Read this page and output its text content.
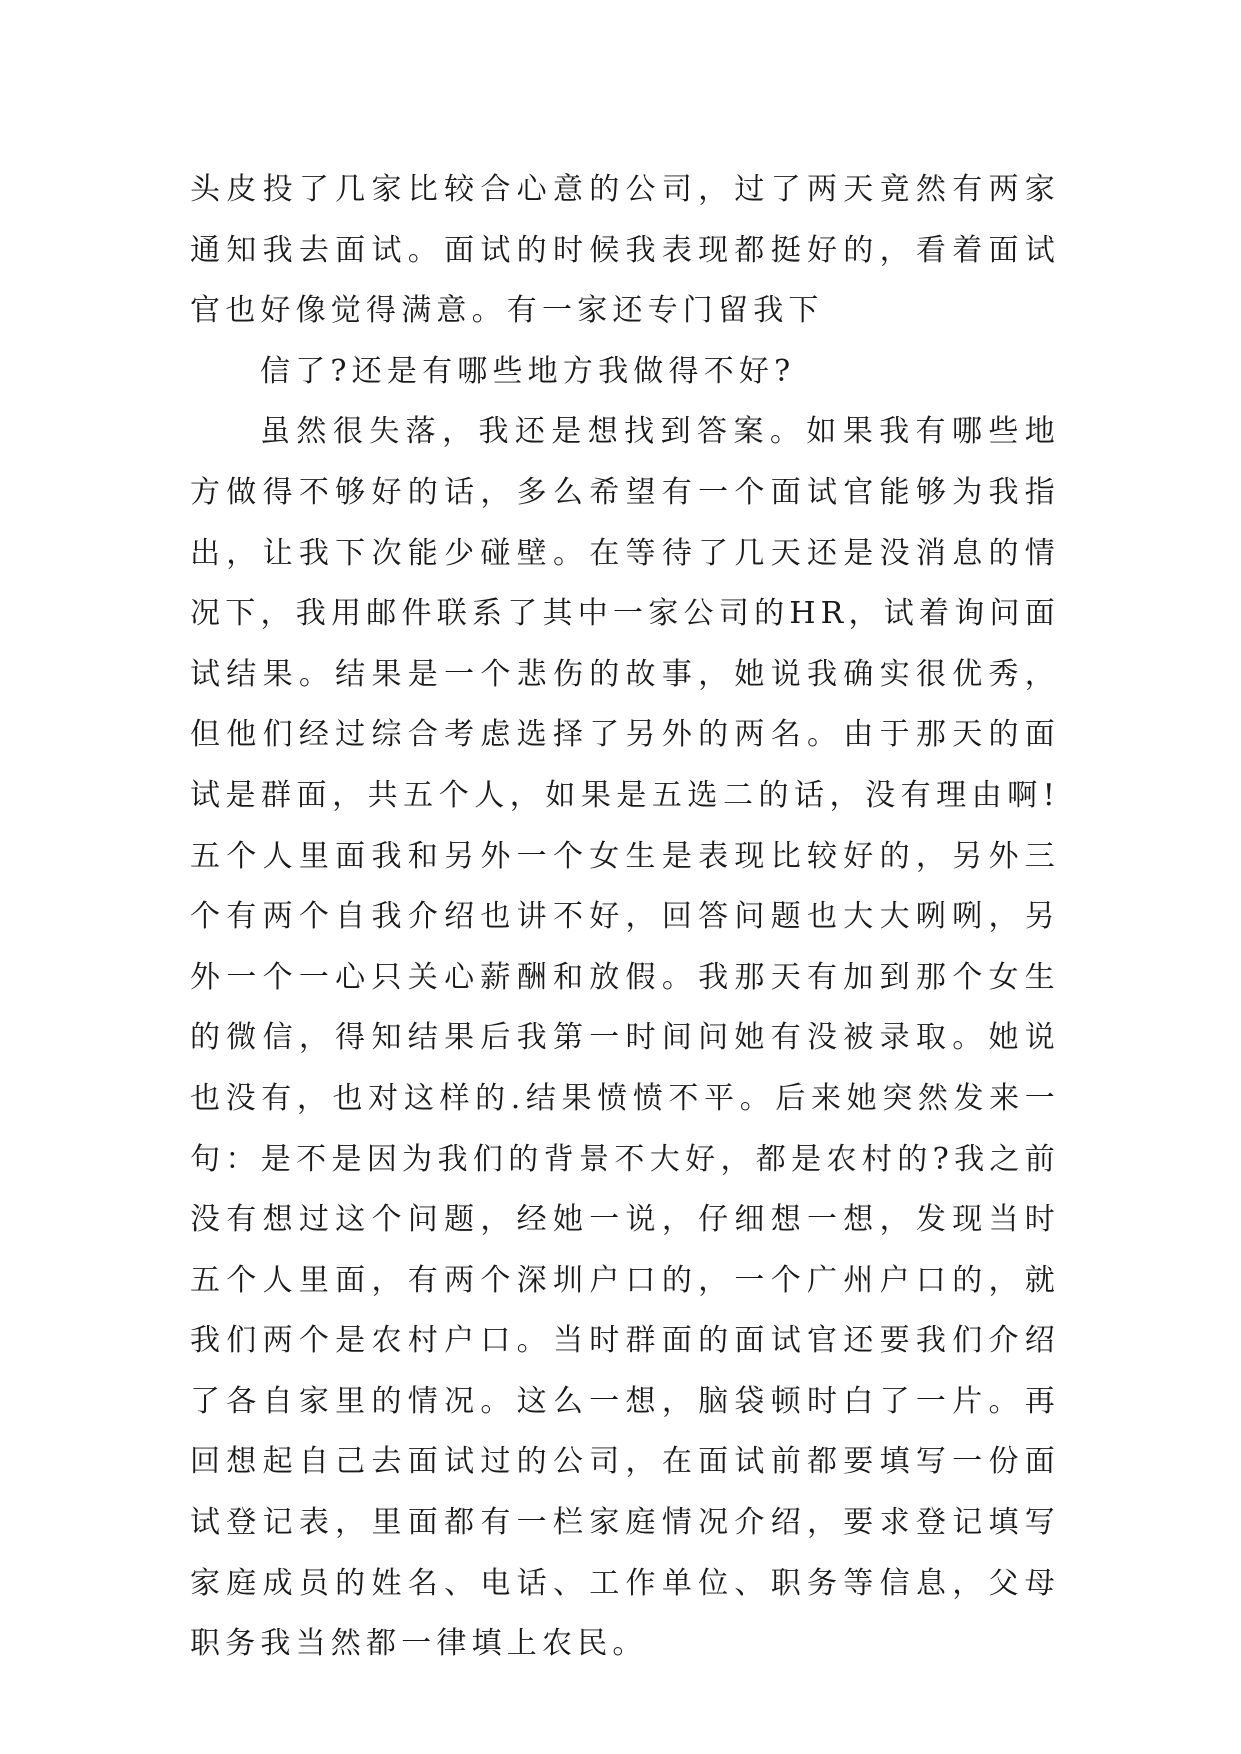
头皮投了几家比较合心意的公司，过了两天竟然有两家通知我去面试。面试的时候我表现都挺好的，看着面试官也好像觉得满意。有一家还专门留我下

信了?还是有哪些地方我做得不好?

虽然很失落，我还是想找到答案。如果我有哪些地方做得不够好的话，多么希望有一个面试官能够为我指出，让我下次能少碰壁。在等待了几天还是没消息的情况下，我用邮件联系了其中一家公司的HR，试着询问面试结果。结果是一个悲伤的故事，她说我确实很优秀，但他们经过综合考虑选择了另外的两名。由于那天的面试是群面，共五个人，如果是五选二的话，没有理由啊!五个人里面我和另外一个女生是表现比较好的，另外三个有两个自我介绍也讲不好，回答问题也大大咧咧，另外一个一心只关心薪酬和放假。我那天有加到那个女生的微信，得知结果后我第一时间问她有没被录取。她说也没有，也对这样的.结果愤愤不平。后来她突然发来一句：是不是因为我们的背景不大好，都是农村的?我之前没有想过这个问题，经她一说，仔细想一想，发现当时五个人里面，有两个深圳户口的，一个广州户口的，就我们两个是农村户口。当时群面的面试官还要我们介绍了各自家里的情况。这么一想，脑袋顿时白了一片。再回想起自己去面试过的公司，在面试前都要填写一份面试登记表，里面都有一栏家庭情况介绍，要求登记填写家庭成员的姓名、电话、工作单位、职务等信息，父母职务我当然都一律填上农民。
